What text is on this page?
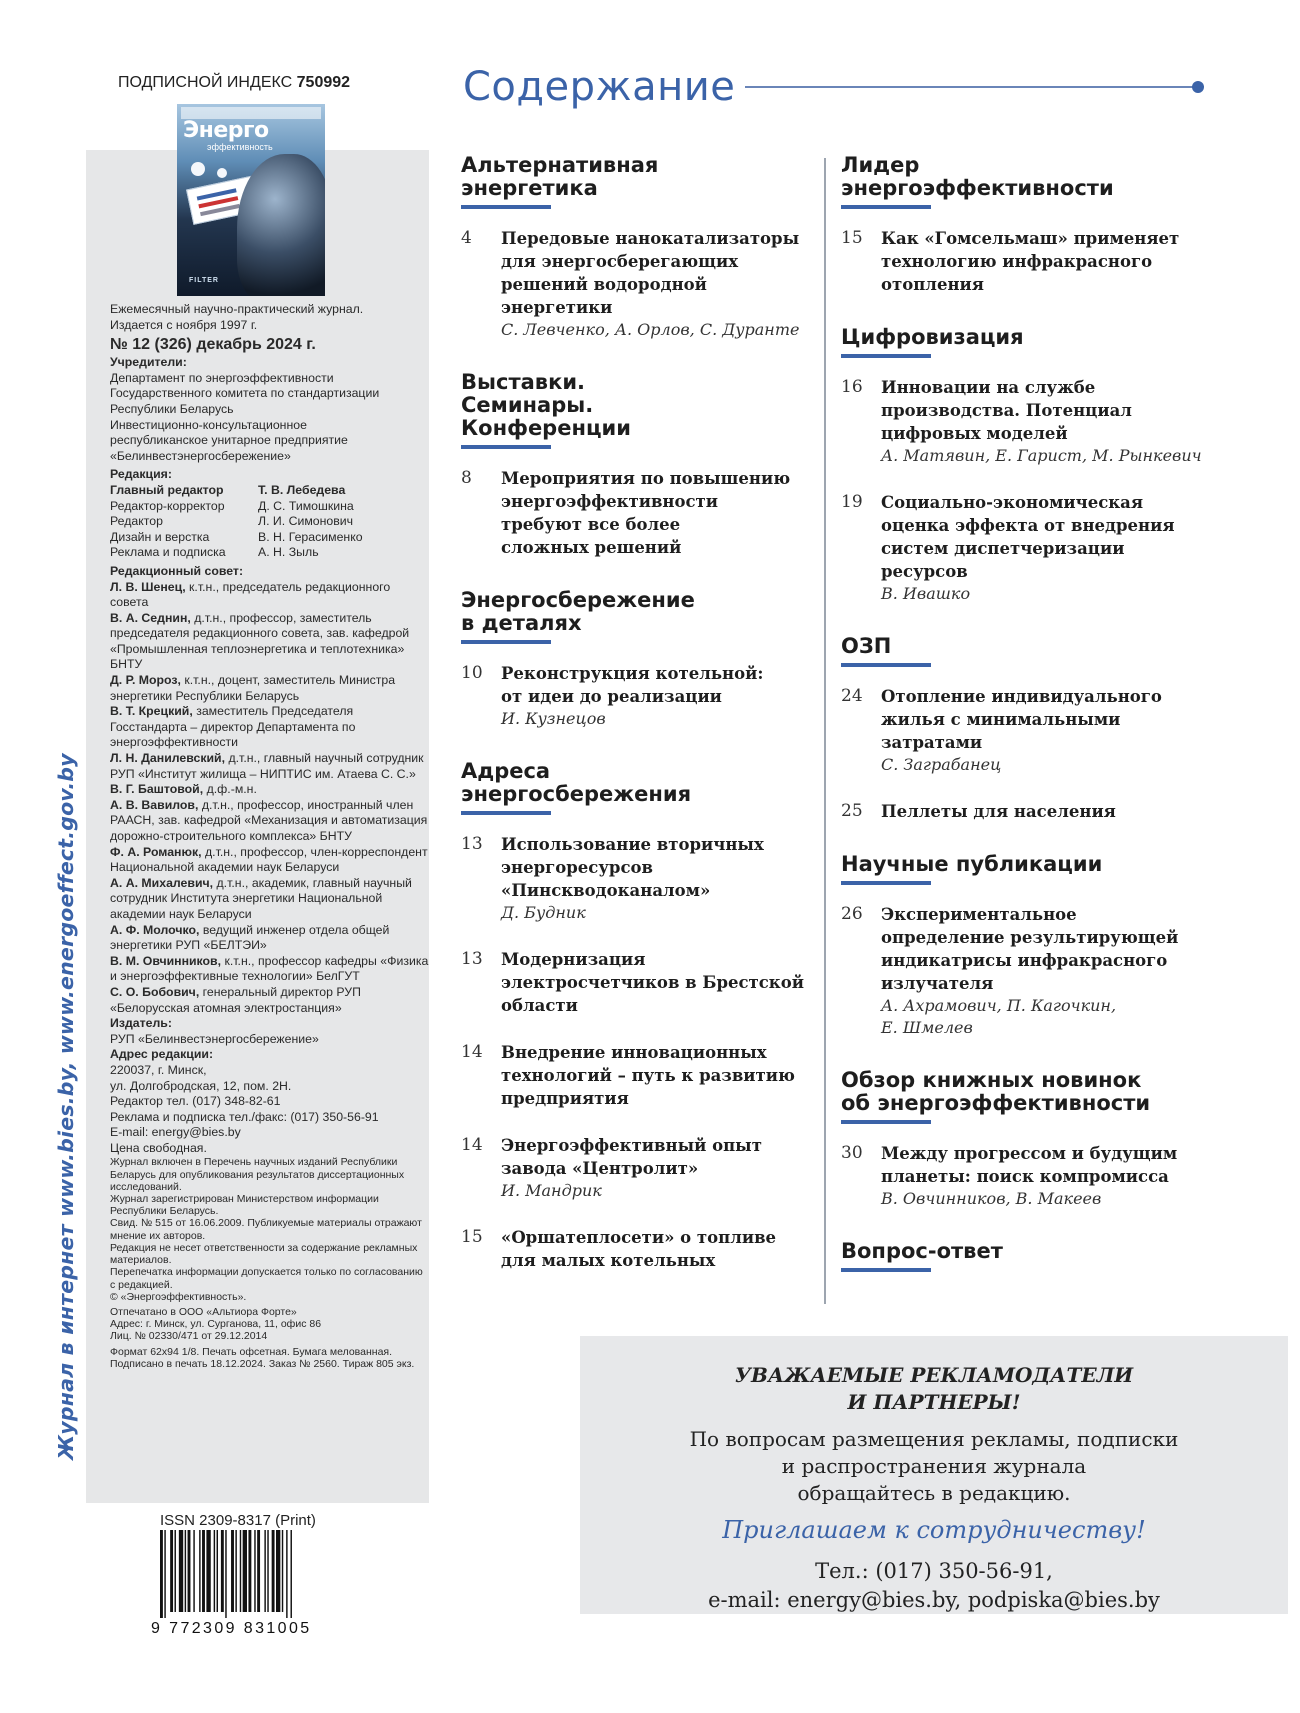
Журнал в интернет www.bies.by, www.energoeffect.gov.by
ПОДПИСНОЙ ИНДЕКС 750992
Энерго
эффективность
FILTER
Ежемесячный научно-практический журнал.
Издается с ноября 1997 г.
№ 12 (326) декабрь 2024 г.
Учредители:
Департамент по энергоэффективности
Государственного комитета по стандартизации
Республики Беларусь
Инвестиционно-консультационное
республиканское унитарное предприятие
«Белинвестэнергосбережение»
Редакция:
Главный редактор	Т. В. Лебедева
Редактор-корректор	Д. С. Тимошкина
Редактор	Л. И. Симонович
Дизайн и верстка	В. Н. Герасименко
Реклама и подписка	А. Н. Зыль
Редакционный совет:
Л. В. Шенец, к.т.н., председатель редакционного совета
В. А. Седнин, д.т.н., профессор, заместитель председателя редакционного совета, зав. кафедрой «Промышленная теплоэнергетика и теплотехника» БНТУ
Д. Р. Мороз, к.т.н., доцент, заместитель Министра энергетики Республики Беларусь
В. Т. Крецкий, заместитель Председателя Госстандарта – директор Департамента по энергоэффективности
Л. Н. Данилевский, д.т.н., главный научный сотрудник РУП «Институт жилища – НИПТИС им. Атаева С. С.»
В. Г. Баштовой, д.ф.-м.н.
А. В. Вавилов, д.т.н., профессор, иностранный член РААСН, зав. кафедрой «Механизация и автоматизация дорожно-строительного комплекса» БНТУ
Ф. А. Романюк, д.т.н., профессор, член-корреспондент Национальной академии наук Беларуси
А. А. Михалевич, д.т.н., академик, главный научный сотрудник Института энергетики Национальной академии наук Беларуси
А. Ф. Молочко, ведущий инженер отдела общей энергетики РУП «БЕЛТЭИ»
В. М. Овчинников, к.т.н., профессор кафедры «Физика и энергоэффективные технологии» БелГУТ
С. О. Бобович, генеральный директор РУП «Белорусская атомная электростанция»
Издатель:
РУП «Белинвестэнергосбережение»
Адрес редакции:
220037, г. Минск,
ул. Долгобродская, 12, пом. 2Н.
Редактор тел. (017) 348-82-61
Реклама и подписка тел./факс: (017) 350-56-91
E-mail: energy@bies.by
Цена свободная.
Журнал включен в Перечень научных изданий Республики Беларусь для опубликования результатов диссертационных исследований.
Журнал зарегистрирован Министерством информации Республики Беларусь.
Свид. № 515 от 16.06.2009. Публикуемые материалы отражают мнение их авторов.
Редакция не несет ответственности за содержание рекламных материалов.
Перепечатка информации допускается только по согласованию с редакцией.
© «Энергоэффективность».
Отпечатано в ООО «Альтиора Форте»
Адрес: г. Минск, ул. Сурганова, 11, офис 86
Лиц. № 02330/471 от 29.12.2014
Формат 62х94 1/8. Печать офсетная. Бумага мелованная.
Подписано в печать 18.12.2024. Заказ № 2560. Тираж 805 экз.
ISSN 2309-8317 (Print)
9 772309 831005
Содержание
Альтернативная
энергетика
4	Передовые нанокатализаторы
для энергосберегающих
решений водородной
энергетики
С. Левченко, А. Орлов, С. Дуранте
Выставки.
Семинары.
Конференции
8	Мероприятия по повышению
энергоэффективности
требуют все более
сложных решений
Энергосбережение
в деталях
10	Реконструкция котельной:
от идеи до реализации
И. Кузнецов
Адреса
энергосбережения
13	Использование вторичных
энергоресурсов
«Пинскводоканалом»
Д. Будник
13	Модернизация
электросчетчиков в Брестской
области
14	Внедрение инновационных
технологий – путь к развитию
предприятия
14	Энергоэффективный опыт
завода «Центролит»
И. Мандрик
15	«Оршатеплосети» о топливе
для малых котельных
Лидер
энергоэффективности
15	Как «Гомсельмаш» применяет
технологию инфракрасного
отопления
Цифровизация
16	Инновации на службе
производства. Потенциал
цифровых моделей
А. Матявин, Е. Гарист, М. Рынкевич
19	Социально-экономическая
оценка эффекта от внедрения
систем диспетчеризации
ресурсов
В. Ивашко
ОЗП
24	Отопление индивидуального
жилья с минимальными
затратами
С. Заграбанец
25	Пеллеты для населения
Научные публикации
26	Экспериментальное
определение результирующей
индикатрисы инфракрасного
излучателя
А. Ахрамович, П. Кагочкин,
Е. Шмелев
Обзор книжных новинок
об энергоэффективности
30	Между прогрессом и будущим
планеты: поиск компромисса
В. Овчинников, В. Макеев
Вопрос-ответ
УВАЖАЕМЫЕ РЕКЛАМОДАТЕЛИ
И ПАРТНЕРЫ!
По вопросам размещения рекламы, подписки
и распространения журнала
обращайтесь в редакцию.
Приглашаем к сотрудничеству!
Тел.: (017) 350-56-91,
e-mail: energy@bies.by, podpiska@bies.by
